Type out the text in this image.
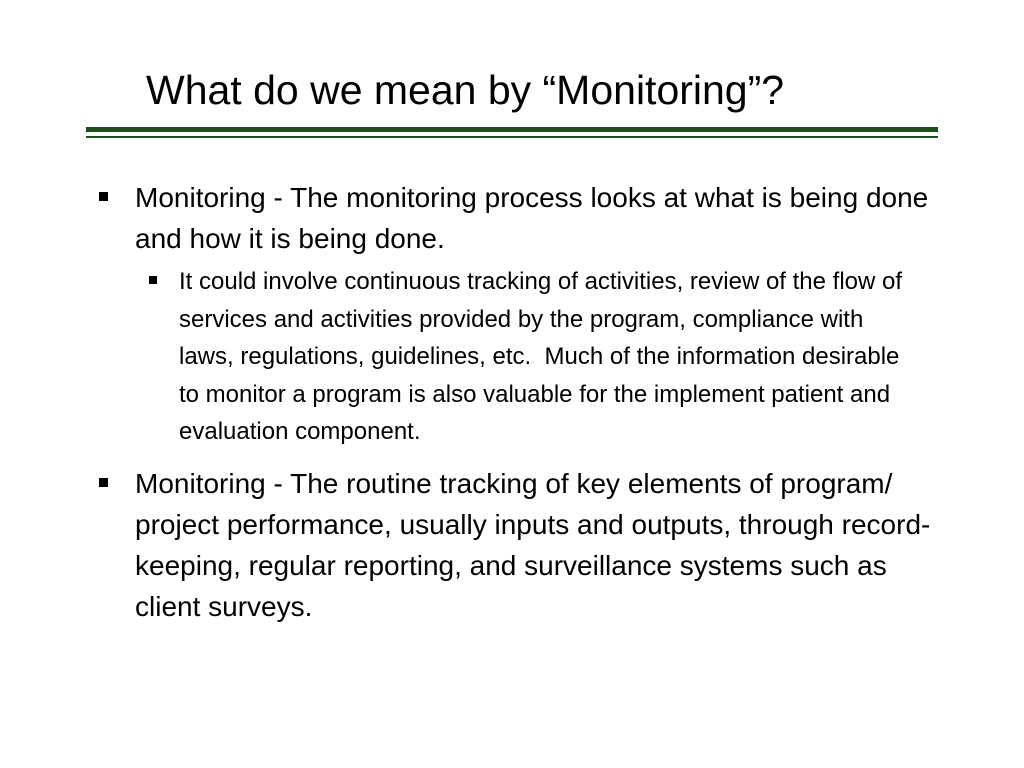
What do we mean by “Monitoring”?
Monitoring - The monitoring process looks at what is being done and how it is being done.
It could involve continuous tracking of activities, review of the flow of services and activities provided by the program, compliance with laws, regulations, guidelines, etc.  Much of the information desirable to monitor a program is also valuable for the implement patient and evaluation component.
Monitoring - The routine tracking of key elements of program/ project performance, usually inputs and outputs, through record-keeping, regular reporting, and surveillance systems such as client surveys.
